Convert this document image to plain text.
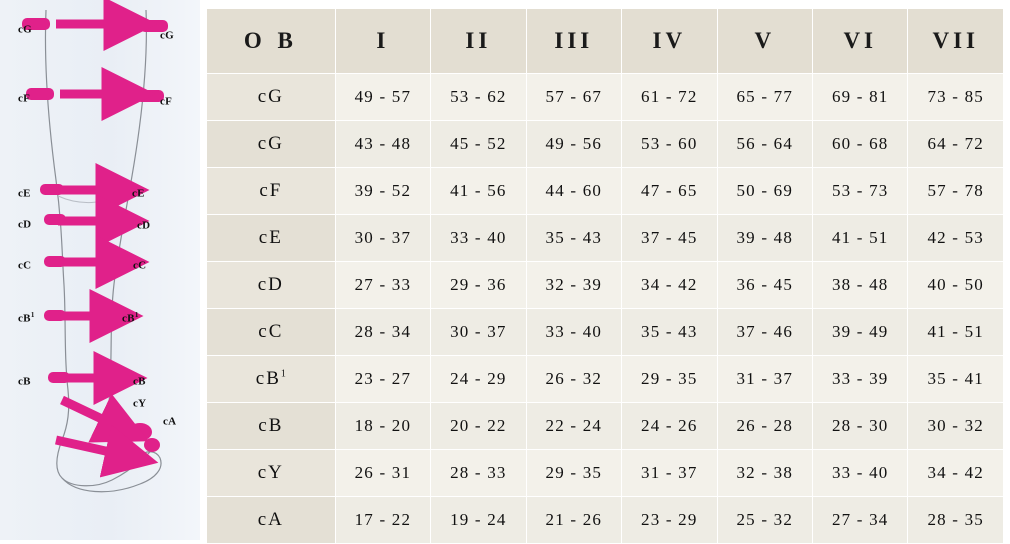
cG
cF
cE
cD
cC
$cB^1$
cB
cG
cF
cE
cD
cC
$cB^1$
cB
cY
cA
O B	I	II	III	IV	V	VI	VII
cG	49 - 57	53 - 62	57 - 67	61 - 72	65 - 77	69 - 81	73 - 85
cG	43 - 48	45 - 52	49 - 56	53 - 60	56 - 64	60 - 68	64 - 72
cF	39 - 52	41 - 56	44 - 60	47 - 65	50 - 69	53 - 73	57 - 78
cE	30 - 37	33 - 40	35 - 43	37 - 45	39 - 48	41 - 51	42 - 53
cD	27 - 33	29 - 36	32 - 39	34 - 42	36 - 45	38 - 48	40 - 50
cC	28 - 34	30 - 37	33 - 40	35 - 43	37 - 46	39 - 49	41 - 51
$cB^1$	23 - 27	24 - 29	26 - 32	29 - 35	31 - 37	33 - 39	35 - 41
cB	18 - 20	20 - 22	22 - 24	24 - 26	26 - 28	28 - 30	30 - 32
cY	26 - 31	28 - 33	29 - 35	31 - 37	32 - 38	33 - 40	34 - 42
cA	17 - 22	19 - 24	21 - 26	23 - 29	25 - 32	27 - 34	28 - 35
